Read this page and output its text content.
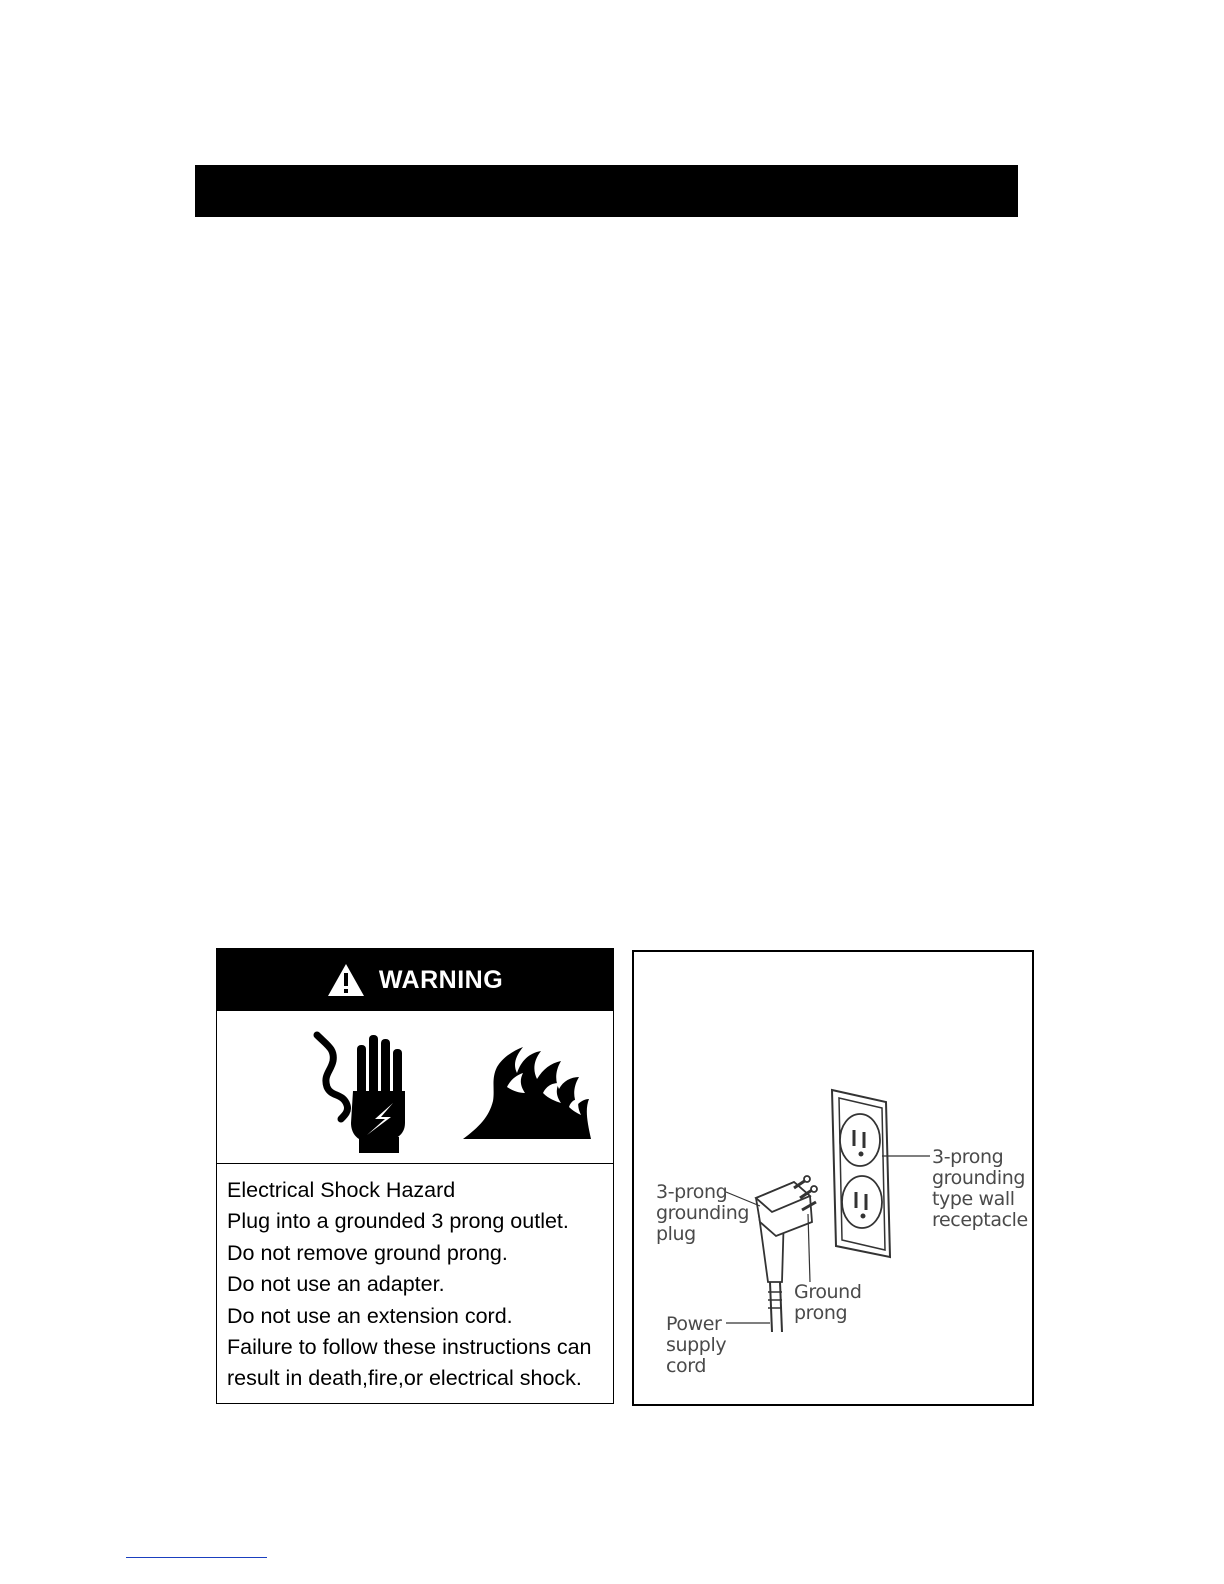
WARNING
Electrical Shock Hazard
Plug into a grounded 3 prong outlet.
Do not remove ground prong.
Do not use an adapter.
Do not use an extension cord.
Failure to follow these instructions can
result in death,fire,or electrical shock.
3-prong
grounding
type wall
receptacle
3-prong
grounding
plug
Ground
prong
Power
supply
cord
